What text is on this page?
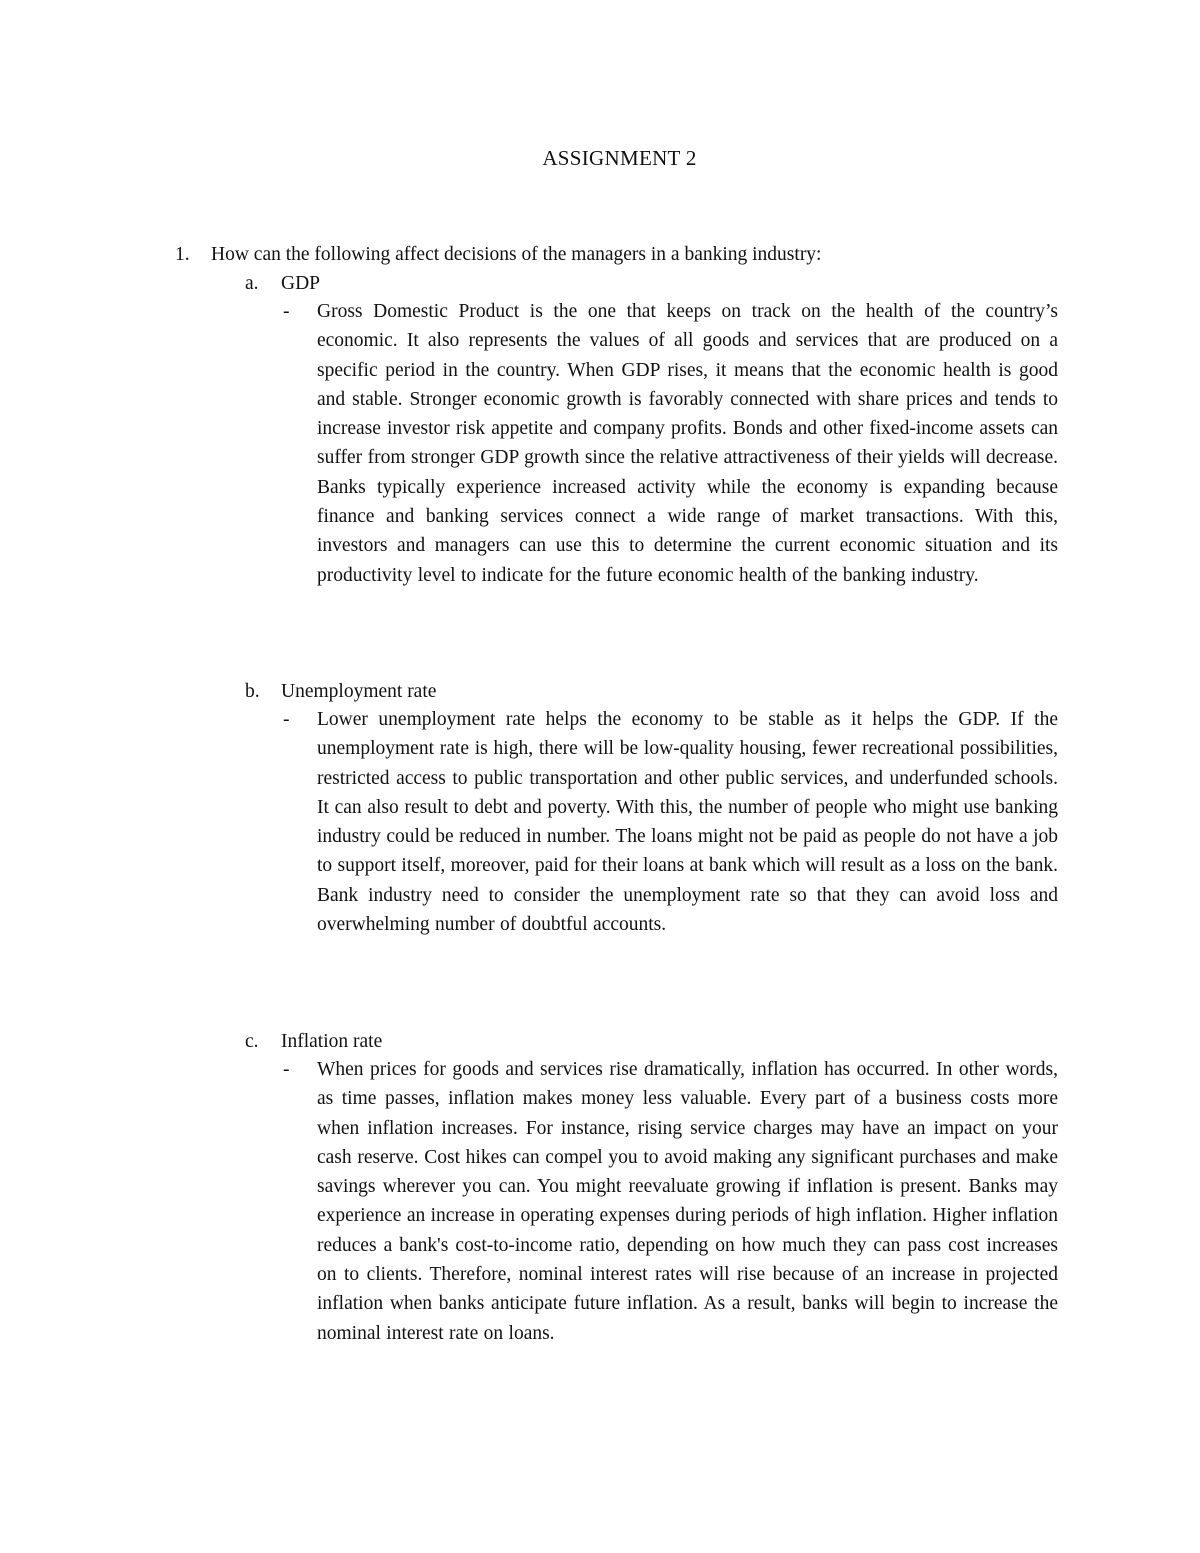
ASSIGNMENT 2
1. How can the following affect decisions of the managers in a banking industry:
a. GDP
- Gross Domestic Product is the one that keeps on track on the health of the country’s economic. It also represents the values of all goods and services that are produced on a specific period in the country. When GDP rises, it means that the economic health is good and stable. Stronger economic growth is favorably connected with share prices and tends to increase investor risk appetite and company profits. Bonds and other fixed-income assets can suffer from stronger GDP growth since the relative attractiveness of their yields will decrease. Banks typically experience increased activity while the economy is expanding because finance and banking services connect a wide range of market transactions. With this, investors and managers can use this to determine the current economic situation and its productivity level to indicate for the future economic health of the banking industry.
b. Unemployment rate
- Lower unemployment rate helps the economy to be stable as it helps the GDP. If the unemployment rate is high, there will be low-quality housing, fewer recreational possibilities, restricted access to public transportation and other public services, and underfunded schools. It can also result to debt and poverty. With this, the number of people who might use banking industry could be reduced in number. The loans might not be paid as people do not have a job to support itself, moreover, paid for their loans at bank which will result as a loss on the bank. Bank industry need to consider the unemployment rate so that they can avoid loss and overwhelming number of doubtful accounts.
c. Inflation rate
- When prices for goods and services rise dramatically, inflation has occurred. In other words, as time passes, inflation makes money less valuable. Every part of a business costs more when inflation increases. For instance, rising service charges may have an impact on your cash reserve. Cost hikes can compel you to avoid making any significant purchases and make savings wherever you can. You might reevaluate growing if inflation is present. Banks may experience an increase in operating expenses during periods of high inflation. Higher inflation reduces a bank's cost-to-income ratio, depending on how much they can pass cost increases on to clients. Therefore, nominal interest rates will rise because of an increase in projected inflation when banks anticipate future inflation. As a result, banks will begin to increase the nominal interest rate on loans.
